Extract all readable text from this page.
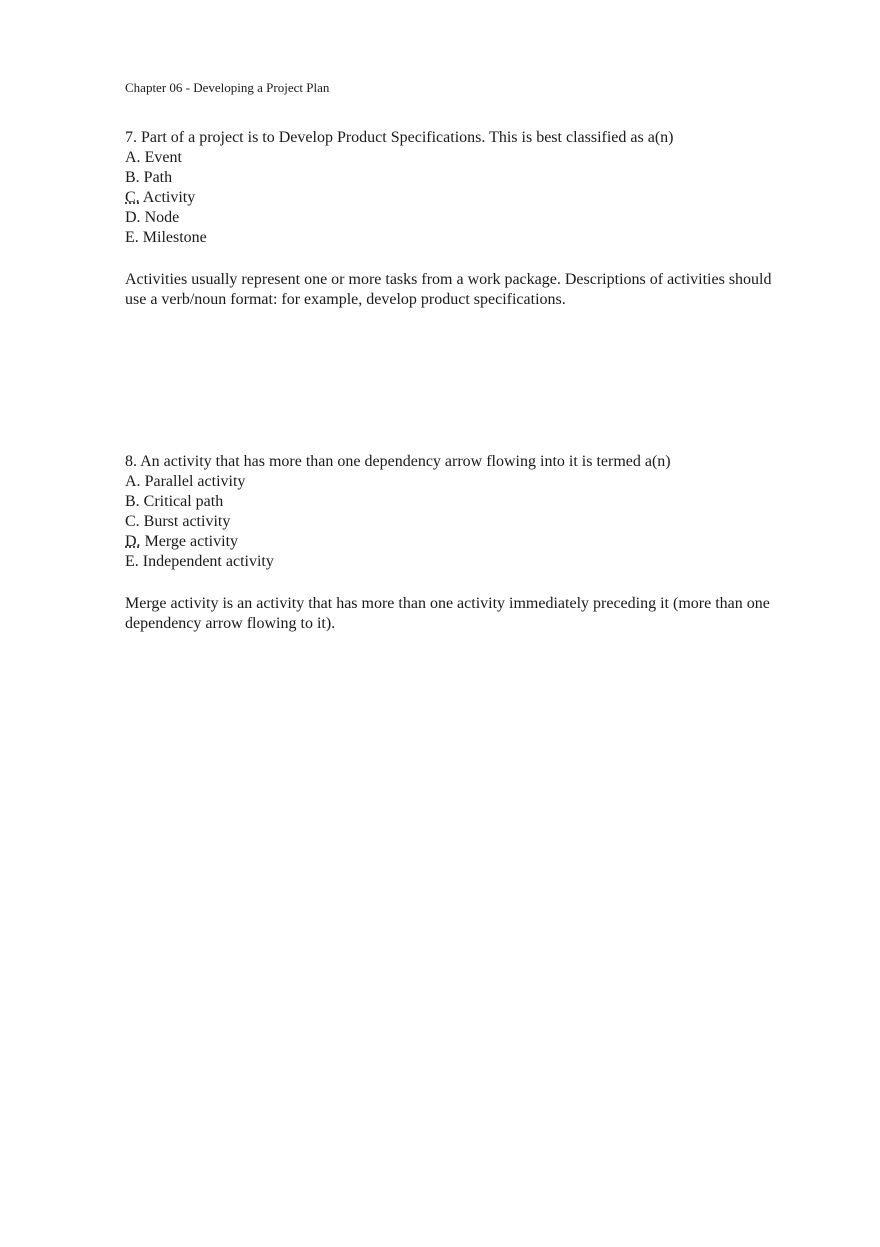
Chapter 06 - Developing a Project Plan

7. Part of a project is to Develop Product Specifications. This is best classified as a(n)

A. Event
B. Path
C. Activity
D. Node
E. Milestone

Activities usually represent one or more tasks from a work package. Descriptions of activities should use a verb/noun format: for example, develop product specifications.

8. An activity that has more than one dependency arrow flowing into it is termed a(n)

A. Parallel activity
B. Critical path
C. Burst activity
D. Merge activity
E. Independent activity

Merge activity is an activity that has more than one activity immediately preceding it (more than one dependency arrow flowing to it).
